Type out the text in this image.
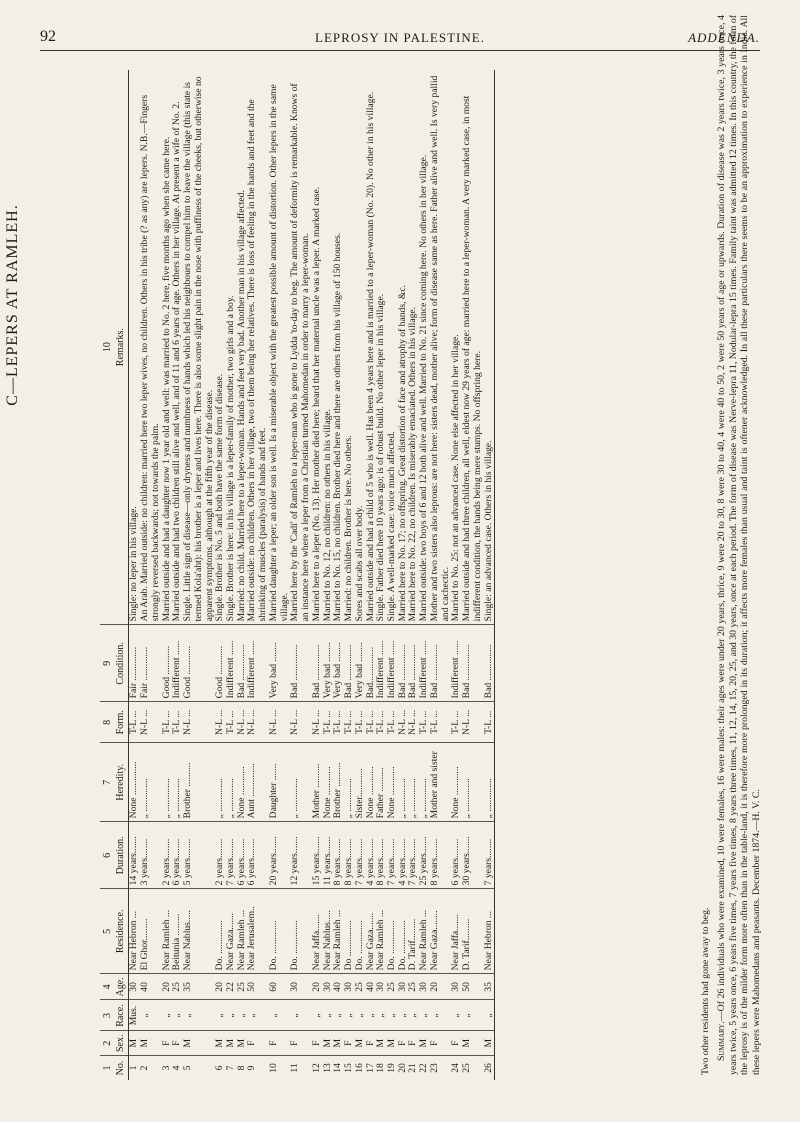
92	LEPROSY IN PALESTINE.	ADDENDA.
C—LEPERS AT RAMLEH.
1	2	3	4	5	6	7	8	9	10
No.	Sex.	Race.	Age.	Residence.	Duration.	Heredity.	Form.	Condition.	Remarks.
1	M	Mus.	30	Near Hebron ...	14 years.......	None ..............	T-L ...	Fair ..............	Single: no leper in his village.
2	M	„	40	El Ghor.........	3 years........	„ ..............	N-L ...	Fair ..............	An Arab. Married outside: no children: married here two leper wives, no children. Others in his tribe (? as any) are lepers. N.B.—Fingers strongly reversed backwards; not towards the palm.
3	F	„	20	Near Ramleh ...	2 years........	„ ..............	T-L ...	Good ............	Married outside and had a daughter now 1 year old and well: was married to No. 2 here, five months ago when she came here.
4	F	„	25	Beitunia .........	6 years........	„ ..............	T-L ...	Indifferent ......	Married outside and had two children still alive and well, and of 11 and 6 years of age. Others in her village. At present a wife of No. 2.
5	M	„	35	Near Nablus.....	5 years........	Brother ..........	N-L ...	Good ............	Single. Little sign of disease—only dryness and numbness of hands which led his neighbours to compel him to leave the village (this state is termed Kola'aht): his brother is a leper and lives here. There is also some slight pain in the nose with puffiness of the cheeks, but otherwise no apparent symptoms, although at the fifth year of the disease.
6	M	„	20	Do. ..............	2 years........	„ ..............	N-L ...	Good ............	Single. Brother is No. 5 and both have the same form of disease.
7	M	„	22	Near Gaza.......	7 years........	„ ..............	T-L ...	Indifferent ......	Single. Brother is here: in his village is a leper-family of mother, two girls and a boy.
8	M	„	25	Near Ramleh ...	6 years........	None ............	N-L ...	Bad ...............	Married: no child. Married here to a leper-woman. Hands and feet very bad. Another man in his village affected.
9	F	„	50	Near Jerusalem..	6 years........	Aunt ..............	N-L ...	Indifferent ......	Married outside: no children. Others in her village, two of them being her relatives. There is loss of feeling in the hands and feet and the shrinking of muscles (paralysis) of hands and feet.
10	F	„	60	Do. ..............	20 years.......	Daughter .......	N-L ...	Very bad ........	Married daughter a leper; an older son is well. Is a miserable object with the greatest possible amount of distortion. Other lepers in the same village.
11	F	„	30	Do. ..............	12 years.......	„ ..............	N-L ...	Bad ...............	Married here by the 'Cadi' of Ramleh to a leper-man who is gone to Lydda 'to-day to beg. The amount of deformity is remarkable. Knows of an instance here where a leper from a Christian turned Mahomedan in order to marry a leper-woman.
12	F	„	20	Near Jaffa.......	15 years.......	Mother ..........	N-L ...	Bad ...............	Married here to a leper (No. 13). Her mother died here; heard that her maternal uncle was a leper. A marked case.
13	M	„	30	Near Nablus.....	11 years.......	None ............	T-L ...	Very bad ........	Married to No. 12, no children: no others in his village.
14	M	„	40	Near Ramleh ...	8 years........	Brother ..........	T-L ...	Very bad ........	Married to No. 15, no children. Brother died here and there are others from his village of 150 houses.
15	F	„	30	Do ...............	8 years........	„ ..............	T-L ...	Bad ...............	Married: no children. Brother is here. No others.
16	M	„	25	Do. ..............	7 years........	Sister............	T-L ...	Very bad ........	Sores and scabs all over body.
17	F	„	40	Near Gaza.......	4 years........	None ............	T-L ...	Bad...............	Married outside and had a child of 5 who is well. Has been 4 years here and is married to a leper-woman (No. 20). No other in his village.
18	M	„	30	Near Ramleh ...	8 years........	Father ..........	T-L ...	Indifferent ......	Single. Father died here 10 years ago; is of robust build. No other leper in his village.
19	M	„	25	Do. ..............	7 years........	None ............	T-L ...	Indifferent ......	Single. A well-marked case: voice much affected.
20	F	„	30	Do. ..............	4 years........	„ ..............	N-L ...	Bad ...............	Married here to No. 17; no offspring. Great distortion of face and atrophy of hands, &c.
21	F	„	25	D. Tarif.........	7 years........	„ ..............	N-L ...	Bad ...............	Married here to No. 22, no children. Is miserably emaciated. Others in his village.
22	M	„	30	Near Ramleh ...	25 years.......	„ ..............	T-L ...	Indifferent ......	Married outside: two boys of 6 and 12 both alive and well. Married to No. 21 since coming here. No others in her village.
23	F	„	20	Near Gaza........	8 years........	Mother and sister	T-L ...	Bad ...............	Mother and two sisters also leprous: are not here: sisters dead, mother alive; form of disease same as here. Father alive and well. Is very pallid and cachectic.
24	F	„	30	Near Jaffa.......	6 years........	None ............	T-L ...	Indifferent ......	Married to No. 25: not an advanced case. None else affected in her village.
25	M	„	50	D. Tarif.........	30 years.......	„ ..............	N-L ...	Bad ...............	Married outside and had three children, all well, eldest now 29 years of age: married here to a leper-woman. A very marked case, in most indifferent condition, the hands being mere stumps. No offspring here.
26	M	„	35	Near Hebron ...	7 years........	„ ..............	T-L ...	Bad ...............	Single: an advanced case. Others in his village.

Two other residents had gone away to beg. Summary.—Of 26 individuals who were examined, 10 were females, 16 were males: their ages were under 20 years, thrice, 9 were 20 to 30, 8 were 30 to 40, 4 were 40 to 50, 2 were 50 years of age or upwards. Duration of disease was 2 years twice, 3 years once, 4 years twice, 5 years once, 6 years five times, 7 years five times, 8 years three times, 11, 12, 14, 15, 20, 25, and 30 years, once at each period. The form of disease was Nerve-lepra 11, Nodular-lepra 15 times. Family taint was admitted 12 times. In this country, the form of the leprosy is of the milder form more often than in the table-land, it is therefore more prolonged in its duration; it affects more females than usual and taint is oftener acknowledged. In all these particulars there seems to be an approximation to experience in India. All these lepers were Mahomedans and peasants. December 1874.—H. V. C.
